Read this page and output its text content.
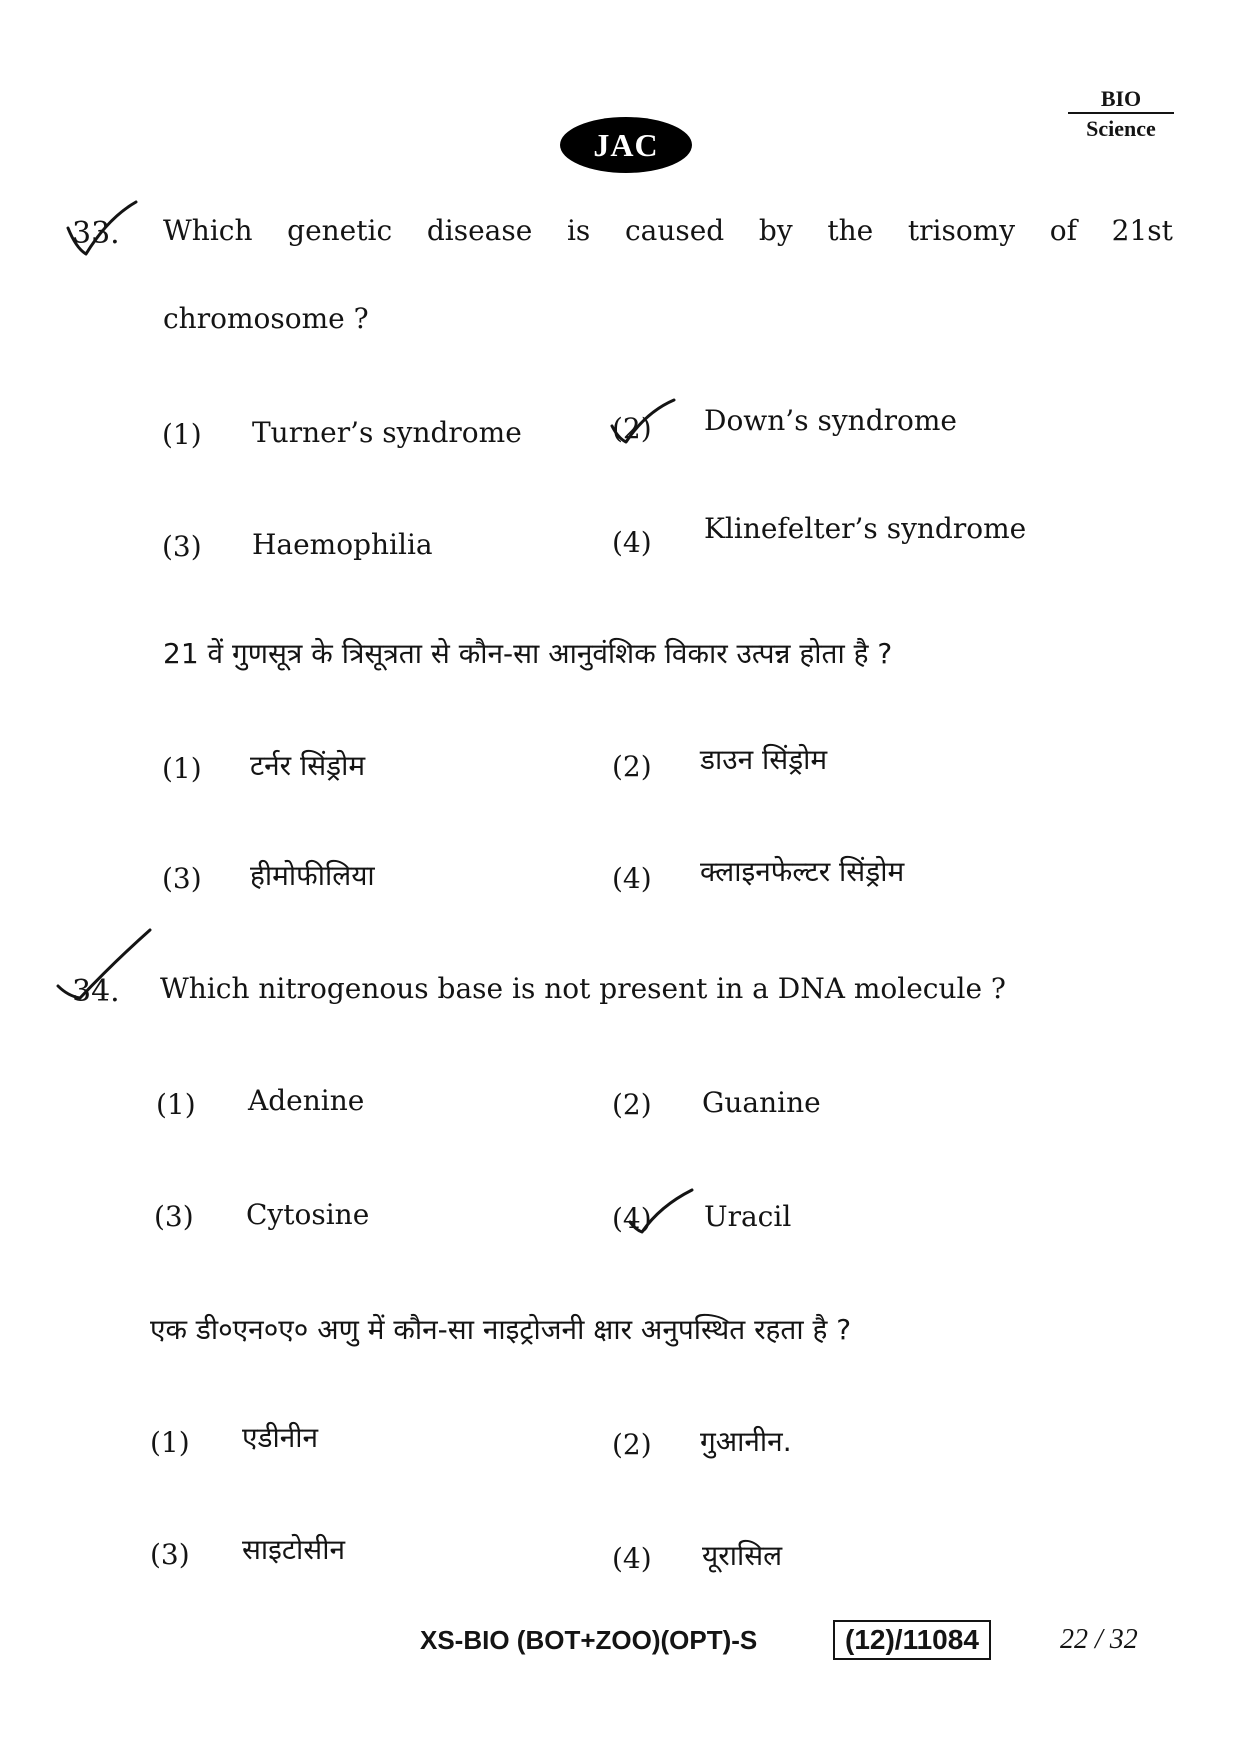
JAC
BIO
Science
33. Which genetic disease is caused by the trisomy of 21st
chromosome ?
(1) Turner’s syndrome	(2) Down’s syndrome
(3) Haemophilia	(4) Klinefelter’s syndrome
21 वें गुणसूत्र के त्रिसूत्रता से कौन-सा आनुवंशिक विकार उत्पन्न होता है ?
(1) टर्नर सिंड्रोम	(2) डाउन सिंड्रोम
(3) हीमोफीलिया	(4) क्लाइनफेल्टर सिंड्रोम
34. Which nitrogenous base is not present in a DNA molecule ?
(1) Adenine	(2) Guanine
(3) Cytosine	(4) Uracil
एक डी०एन०ए० अणु में कौन-सा नाइट्रोजनी क्षार अनुपस्थित रहता है ?
(1) एडीनीन	(2) गुआनीन.
(3) साइटोसीन	(4) यूरासिल
XS-BIO (BOT+ZOO)(OPT)-S	(12)/11084	22 / 32
